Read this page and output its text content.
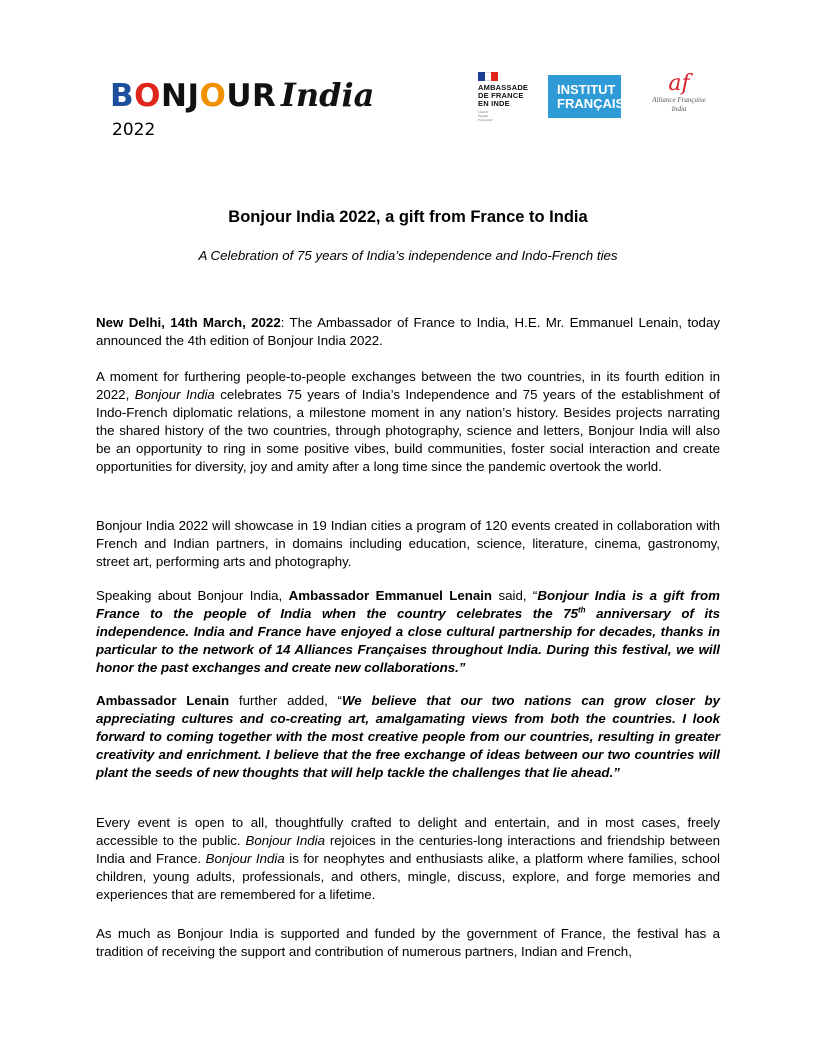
BONJOUR India 2022
AMBASSADE
DE FRANCE
EN INDE
Liberté
Égalité
Fraternité
INSTITUT
FRANÇAIS
af
Alliance Française
India
Bonjour India 2022, a gift from France to India
A Celebration of 75 years of India’s independence and Indo-French ties
New Delhi, 14th March, 2022: The Ambassador of France to India, H.E. Mr. Emmanuel Lenain, today announced the 4th edition of Bonjour India 2022.
A moment for furthering people-to-people exchanges between the two countries, in its fourth edition in 2022, Bonjour India celebrates 75 years of India’s Independence and 75 years of the establishment of Indo-French diplomatic relations, a milestone moment in any nation’s history. Besides projects narrating the shared history of the two countries, through photography, science and letters, Bonjour India will also be an opportunity to ring in some positive vibes, build communities, foster social interaction and create opportunities for diversity, joy and amity after a long time since the pandemic overtook the world.
Bonjour India 2022 will showcase in 19 Indian cities a program of 120 events created in collaboration with French and Indian partners, in domains including education, science, literature, cinema, gastronomy, street art, performing arts and photography.
Speaking about Bonjour India, Ambassador Emmanuel Lenain said, “Bonjour India is a gift from France to the people of India when the country celebrates the 75th anniversary of its independence. India and France have enjoyed a close cultural partnership for decades, thanks in particular to the network of 14 Alliances Françaises throughout India. During this festival, we will honor the past exchanges and create new collaborations.”
Ambassador Lenain further added, “We believe that our two nations can grow closer by appreciating cultures and co-creating art, amalgamating views from both the countries. I look forward to coming together with the most creative people from our countries, resulting in greater creativity and enrichment. I believe that the free exchange of ideas between our two countries will plant the seeds of new thoughts that will help tackle the challenges that lie ahead.”
Every event is open to all, thoughtfully crafted to delight and entertain, and in most cases, freely accessible to the public. Bonjour India rejoices in the centuries-long interactions and friendship between India and France. Bonjour India is for neophytes and enthusiasts alike, a platform where families, school children, young adults, professionals, and others, mingle, discuss, explore, and forge memories and experiences that are remembered for a lifetime.
As much as Bonjour India is supported and funded by the government of France, the festival has a tradition of receiving the support and contribution of numerous partners, Indian and French,
